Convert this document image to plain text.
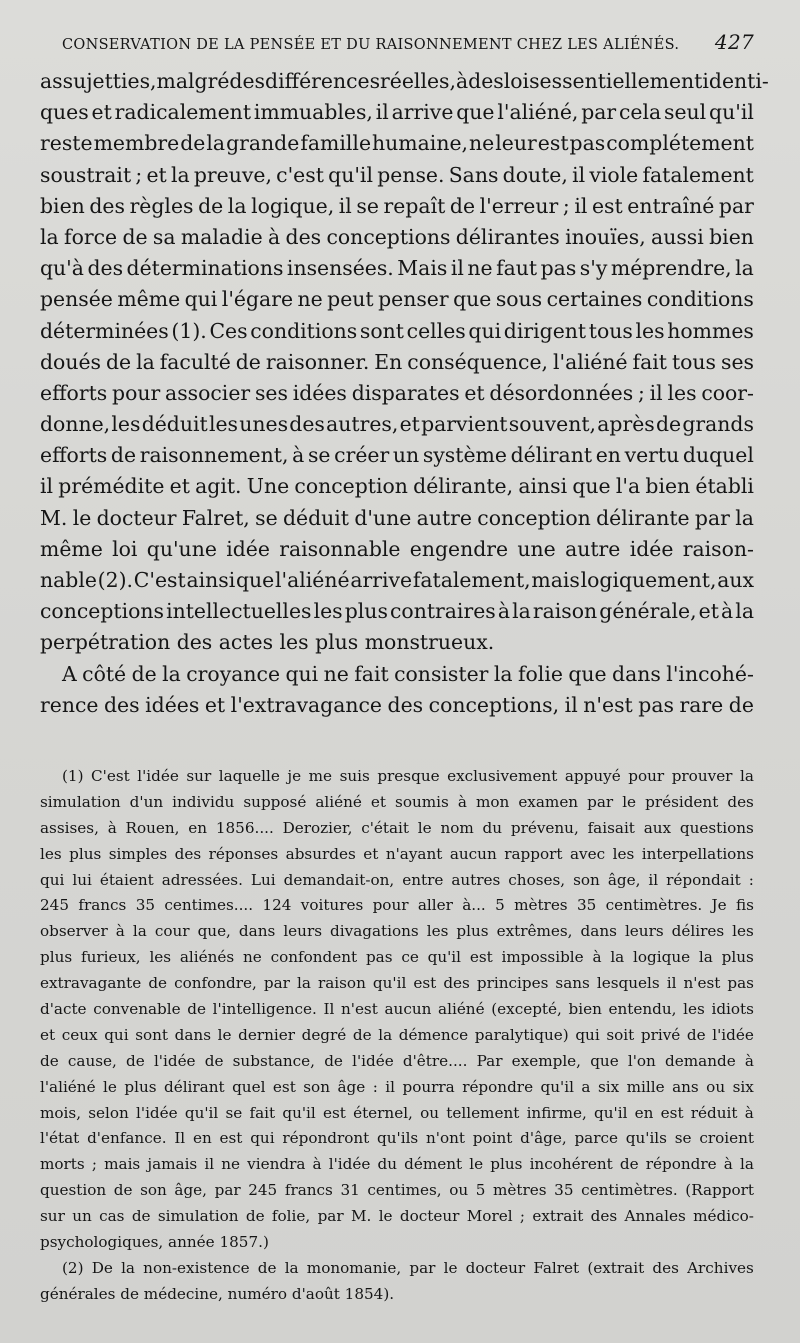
CONSERVATION DE LA PENSÉE ET DU RAISONNEMENT CHEZ LES ALIÉNÉS. 427
assujetties, malgré des différences réelles, à des lois essentiellement identi-
ques et radicalement immuables, il arrive que l'aliéné, par cela seul qu'il
reste membre de la grande famille humaine, ne leur est pas complétement
soustrait ; et la preuve, c'est qu'il pense. Sans doute, il viole fatalement
bien des règles de la logique, il se repaît de l'erreur ; il est entraîné par
la force de sa maladie à des conceptions délirantes inouïes, aussi bien
qu'à des déterminations insensées. Mais il ne faut pas s'y méprendre, la
pensée même qui l'égare ne peut penser que sous certaines conditions
déterminées (1). Ces conditions sont celles qui dirigent tous les hommes
doués de la faculté de raisonner. En conséquence, l'aliéné fait tous ses
efforts pour associer ses idées disparates et désordonnées ; il les coor-
donne, les déduit les unes des autres, et parvient souvent, après de grands
efforts de raisonnement, à se créer un système délirant en vertu duquel
il prémédite et agit. Une conception délirante, ainsi que l'a bien établi
M. le docteur Falret, se déduit d'une autre conception délirante par la
même loi qu'une idée raisonnable engendre une autre idée raison-
nable (2). C'est ainsi que l'aliéné arrive fatalement, mais logiquement, aux
conceptions intellectuelles les plus contraires à la raison générale, et à la
perpétration des actes les plus monstrueux.
A côté de la croyance qui ne fait consister la folie que dans l'incohé-
rence des idées et l'extravagance des conceptions, il n'est pas rare de
(1) C'est l'idée sur laquelle je me suis presque exclusivement appuyé pour prouver la
simulation d'un individu supposé aliéné et soumis à mon examen par le président des
assises, à Rouen, en 1856.... Derozier, c'était le nom du prévenu, faisait aux questions
les plus simples des réponses absurdes et n'ayant aucun rapport avec les interpellations
qui lui étaient adressées. Lui demandait-on, entre autres choses, son âge, il répondait :
245 francs 35 centimes.... 124 voitures pour aller à... 5 mètres 35 centimètres. Je fis
observer à la cour que, dans leurs divagations les plus extrêmes, dans leurs délires les
plus furieux, les aliénés ne confondent pas ce qu'il est impossible à la logique la plus
extravagante de confondre, par la raison qu'il est des principes sans lesquels il n'est pas
d'acte convenable de l'intelligence. Il n'est aucun aliéné (excepté, bien entendu, les idiots
et ceux qui sont dans le dernier degré de la démence paralytique) qui soit privé de l'idée
de cause, de l'idée de substance, de l'idée d'être.... Par exemple, que l'on demande à
l'aliéné le plus délirant quel est son âge : il pourra répondre qu'il a six mille ans ou six
mois, selon l'idée qu'il se fait qu'il est éternel, ou tellement infirme, qu'il en est réduit à
l'état d'enfance. Il en est qui répondront qu'ils n'ont point d'âge, parce qu'ils se croient
morts ; mais jamais il ne viendra à l'idée du dément le plus incohérent de répondre à la
question de son âge, par 245 francs 31 centimes, ou 5 mètres 35 centimètres. (Rapport
sur un cas de simulation de folie, par M. le docteur Morel ; extrait des Annales médico-
psychologiques, année 1857.)
(2) De la non-existence de la monomanie, par le docteur Falret (extrait des Archives
générales de médecine, numéro d'août 1854).
